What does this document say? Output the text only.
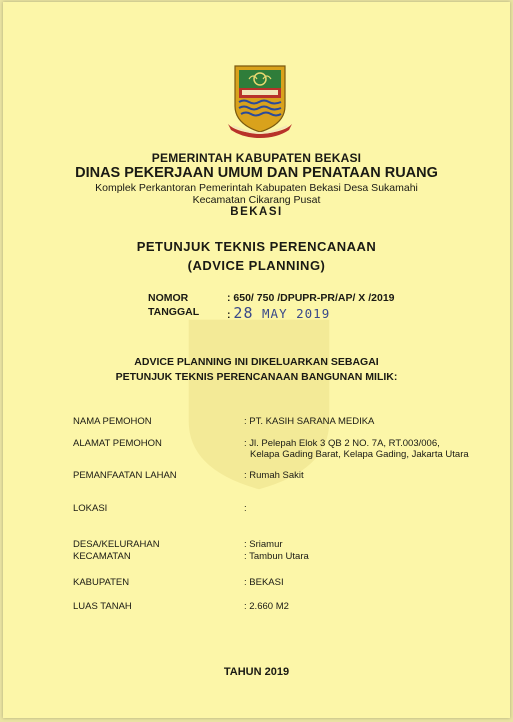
PEMERINTAH KABUPATEN BEKASI
DINAS PEKERJAAN UMUM DAN PENATAAN RUANG
Komplek Perkantoran Pemerintah Kabupaten Bekasi Desa Sukamahi
Kecamatan Cikarang Pusat
BEKASI
PETUNJUK TEKNIS PERENCANAAN
(ADVICE PLANNING)
NOMOR	: 650/ 750 /DPUPR-PR/AP/ X /2019
TANGGAL	: 28 MAY 2019
ADVICE PLANNING INI DIKELUARKAN SEBAGAI
PETUNJUK TEKNIS PERENCANAAN BANGUNAN MILIK:
NAMA PEMOHON	: PT. KASIH SARANA MEDIKA
ALAMAT PEMOHON	: Jl. Pelepah Elok 3 QB 2 NO. 7A, RT.003/006,
Kelapa Gading Barat, Kelapa Gading, Jakarta Utara
PEMANFAATAN LAHAN	: Rumah Sakit
LOKASI	:
DESA/KELURAHAN	: Sriamur
KECAMATAN	: Tambun Utara
KABUPATEN	: BEKASI
LUAS TANAH	: 2.660 M2
TAHUN 2019
